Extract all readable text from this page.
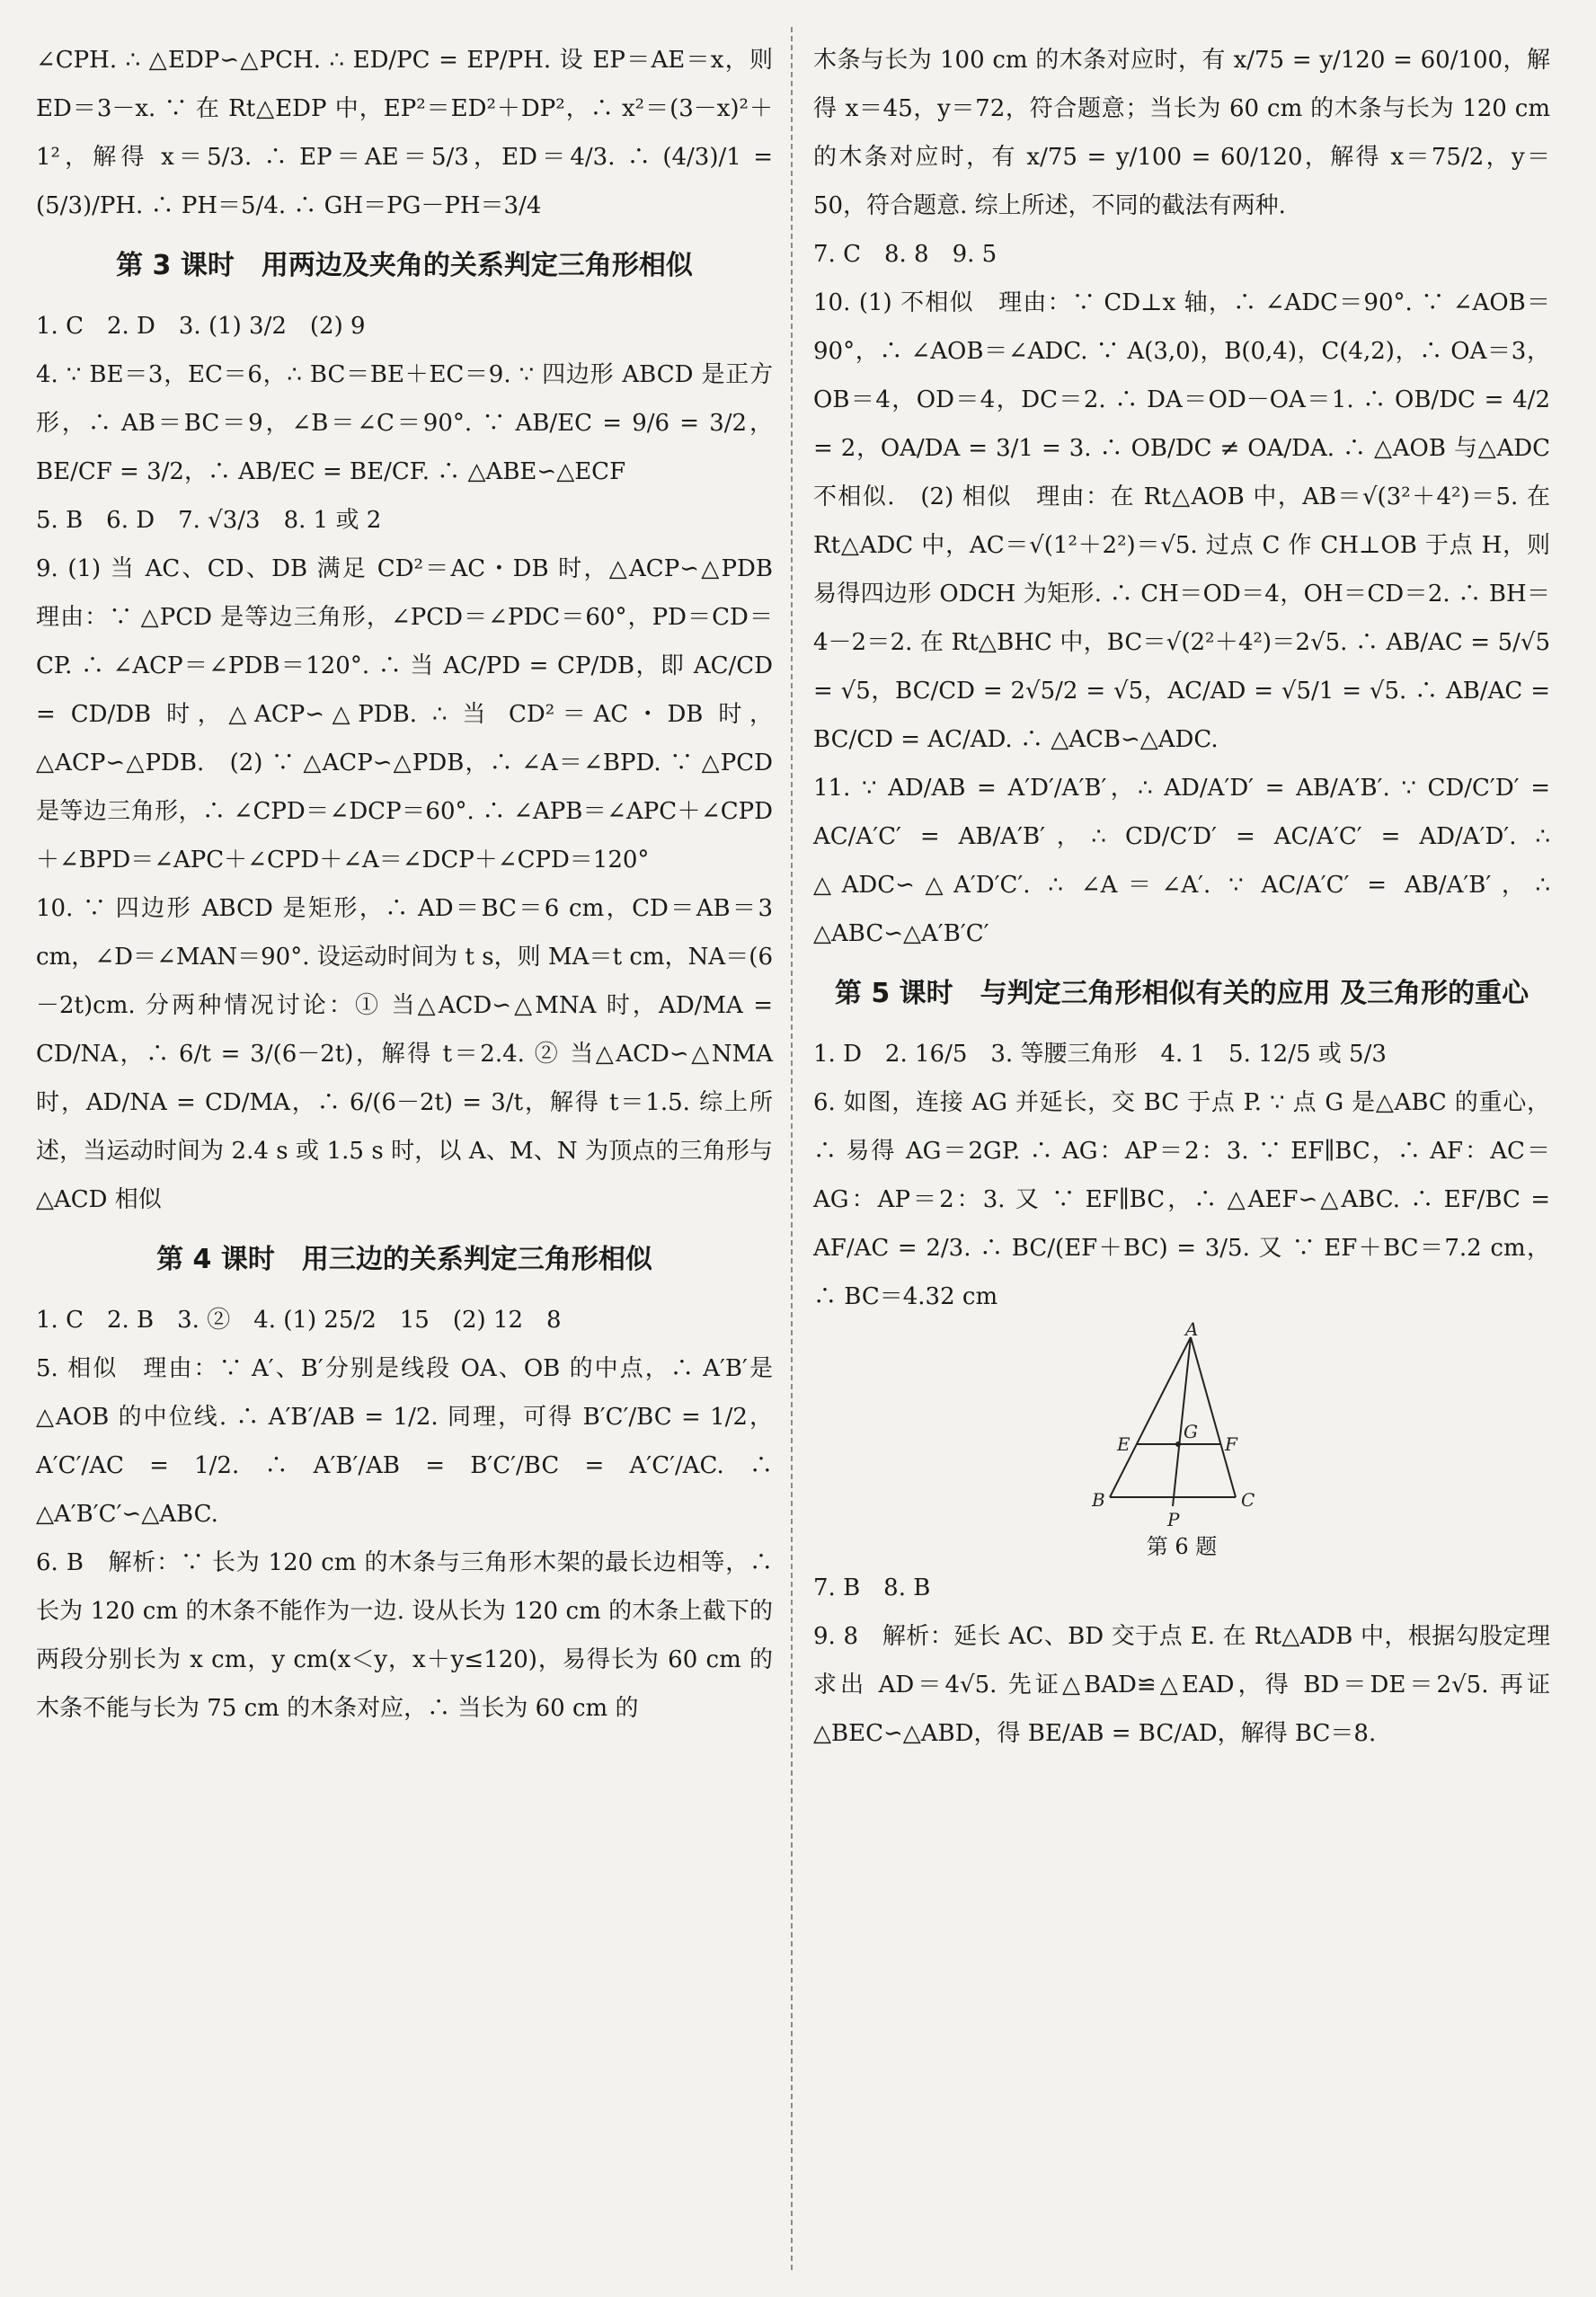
∠CPH. ∴ △EDP∽△PCH. ∴ ED/PC = EP/PH. 设 EP＝AE＝x，则 ED＝3－x. ∵ 在 Rt△EDP 中，EP²＝ED²＋DP²，∴ x²＝(3－x)²＋1²，解得 x＝5/3. ∴ EP＝AE＝5/3，ED＝4/3. ∴ (4/3)/1 = (5/3)/PH. ∴ PH＝5/4. ∴ GH＝PG－PH＝3/4

第 3 课时　用两边及夹角的关系判定三角形相似

1. C　2. D　3. (1) 3/2　(2) 9

4. ∵ BE＝3，EC＝6，∴ BC＝BE＋EC＝9. ∵ 四边形 ABCD 是正方形，∴ AB＝BC＝9，∠B＝∠C＝90°. ∵ AB/EC = 9/6 = 3/2，BE/CF = 3/2，∴ AB/EC = BE/CF. ∴ △ABE∽△ECF

5. B　6. D　7. √3/3　8. 1 或 2

9. (1) 当 AC、CD、DB 满足 CD²＝AC・DB 时，△ACP∽△PDB　理由：∵ △PCD 是等边三角形，∠PCD＝∠PDC＝60°，PD＝CD＝CP. ∴ ∠ACP＝∠PDB＝120°. ∴ 当 AC/PD = CP/DB，即 AC/CD = CD/DB 时，△ACP∽△PDB. ∴ 当 CD²＝AC・DB 时，△ACP∽△PDB.　(2) ∵ △ACP∽△PDB，∴ ∠A＝∠BPD. ∵ △PCD 是等边三角形，∴ ∠CPD＝∠DCP＝60°. ∴ ∠APB＝∠APC＋∠CPD＋∠BPD＝∠APC＋∠CPD＋∠A＝∠DCP＋∠CPD＝120°

10. ∵ 四边形 ABCD 是矩形，∴ AD＝BC＝6 cm，CD＝AB＝3 cm，∠D＝∠MAN＝90°. 设运动时间为 t s，则 MA＝t cm，NA＝(6－2t)cm. 分两种情况讨论：① 当△ACD∽△MNA 时，AD/MA = CD/NA，∴ 6/t = 3/(6－2t)，解得 t＝2.4. ② 当△ACD∽△NMA 时，AD/NA = CD/MA，∴ 6/(6－2t) = 3/t，解得 t＝1.5. 综上所述，当运动时间为 2.4 s 或 1.5 s 时，以 A、M、N 为顶点的三角形与△ACD 相似

第 4 课时　用三边的关系判定三角形相似

1. C　2. B　3. ②　4. (1) 25/2　15　(2) 12　8

5. 相似　理由：∵ A′、B′分别是线段 OA、OB 的中点，∴ A′B′是△AOB 的中位线. ∴ A′B′/AB = 1/2. 同理，可得 B′C′/BC = 1/2，A′C′/AC = 1/2. ∴ A′B′/AB = B′C′/BC = A′C′/AC. ∴ △A′B′C′∽△ABC.

6. B　解析：∵ 长为 120 cm 的木条与三角形木架的最长边相等，∴ 长为 120 cm 的木条不能作为一边. 设从长为 120 cm 的木条上截下的两段分别长为 x cm，y cm(x＜y，x＋y≤120)，易得长为 60 cm 的木条不能与长为 75 cm 的木条对应，∴ 当长为 60 cm 的

木条与长为 100 cm 的木条对应时，有 x/75 = y/120 = 60/100，解得 x＝45，y＝72，符合题意；当长为 60 cm 的木条与长为 120 cm 的木条对应时，有 x/75 = y/100 = 60/120，解得 x＝75/2，y＝50，符合题意. 综上所述，不同的截法有两种.

7. C　8. 8　9. 5

10. (1) 不相似　理由：∵ CD⊥x 轴，∴ ∠ADC＝90°. ∵ ∠AOB＝90°，∴ ∠AOB＝∠ADC. ∵ A(3,0)，B(0,4)，C(4,2)，∴ OA＝3，OB＝4，OD＝4，DC＝2. ∴ DA＝OD－OA＝1. ∴ OB/DC = 4/2 = 2，OA/DA = 3/1 = 3. ∴ OB/DC ≠ OA/DA. ∴ △AOB 与△ADC 不相似.　(2) 相似　理由：在 Rt△AOB 中，AB＝√(3²＋4²)＝5. 在 Rt△ADC 中，AC＝√(1²＋2²)＝√5. 过点 C 作 CH⊥OB 于点 H，则易得四边形 ODCH 为矩形. ∴ CH＝OD＝4，OH＝CD＝2. ∴ BH＝4－2＝2. 在 Rt△BHC 中，BC＝√(2²＋4²)＝2√5. ∴ AB/AC = 5/√5 = √5，BC/CD = 2√5/2 = √5，AC/AD = √5/1 = √5. ∴ AB/AC = BC/CD = AC/AD. ∴ △ACB∽△ADC.

11. ∵ AD/AB = A′D′/A′B′，∴ AD/A′D′ = AB/A′B′. ∵ CD/C′D′ = AC/A′C′ = AB/A′B′，∴ CD/C′D′ = AC/A′C′ = AD/A′D′. ∴ △ADC∽△A′D′C′. ∴ ∠A＝∠A′. ∵ AC/A′C′ = AB/A′B′，∴ △ABC∽△A′B′C′

第 5 课时　与判定三角形相似有关的应用 及三角形的重心

1. D　2. 16/5　3. 等腰三角形　4. 1　5. 12/5 或 5/3

6. 如图，连接 AG 并延长，交 BC 于点 P. ∵ 点 G 是△ABC 的重心，∴ 易得 AG＝2GP. ∴ AG：AP＝2：3. ∵ EF∥BC，∴ AF：AC＝AG：AP＝2：3. 又 ∵ EF∥BC，∴ △AEF∽△ABC. ∴ EF/BC = AF/AC = 2/3. ∴ BC/(EF＋BC) = 3/5. 又 ∵ EF＋BC＝7.2 cm，∴ BC＝4.32 cm

A
B	C
E	F
G
P
第 6 题

7. B　8. B

9. 8　解析：延长 AC、BD 交于点 E. 在 Rt△ADB 中，根据勾股定理求出 AD＝4√5. 先证△BAD≌△EAD，得 BD＝DE＝2√5. 再证△BEC∽△ABD，得 BE/AB = BC/AD，解得 BC＝8.
